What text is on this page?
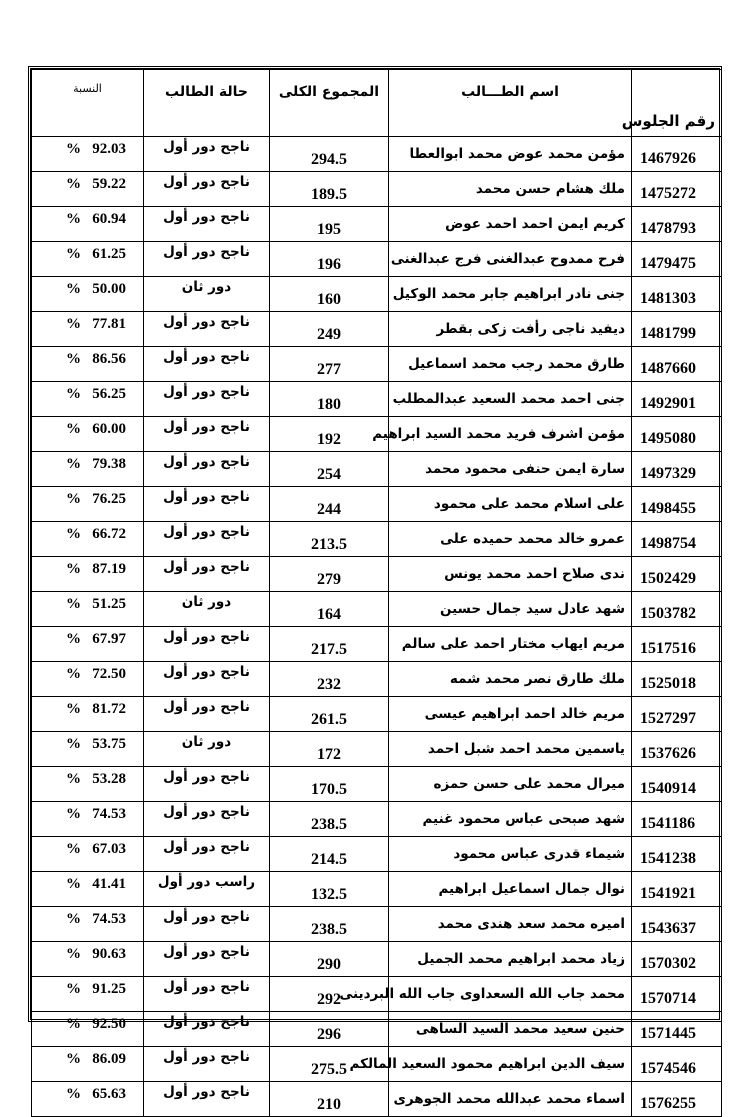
رقم الجلوس	اسم الطـــالب	المجموع الكلى	حالة الطالب	النسبة
1467926	مؤمن محمد عوض محمد ابوالعطا	294.5	ناجح دور أول	% 92.03
1475272	ملك هشام حسن محمد	189.5	ناجح دور أول	% 59.22
1478793	كريم ايمن احمد احمد عوض	195	ناجح دور أول	% 60.94
1479475	فرح ممدوح عبدالغنى فرج عبدالغنى	196	ناجح دور أول	% 61.25
1481303	جنى نادر ابراهيم جابر محمد الوكيل	160	دور ثان	% 50.00
1481799	ديفيد ناجى رأفت زكى بقطر	249	ناجح دور أول	% 77.81
1487660	طارق محمد رجب محمد اسماعيل	277	ناجح دور أول	% 86.56
1492901	جنى احمد محمد السعيد عبدالمطلب	180	ناجح دور أول	% 56.25
1495080	مؤمن اشرف فريد محمد السيد ابراهيم	192	ناجح دور أول	% 60.00
1497329	سارة ايمن حنفى محمود محمد	254	ناجح دور أول	% 79.38
1498455	على اسلام محمد على محمود	244	ناجح دور أول	% 76.25
1498754	عمرو خالد محمد حميده على	213.5	ناجح دور أول	% 66.72
1502429	ندى صلاح احمد محمد يونس	279	ناجح دور أول	% 87.19
1503782	شهد عادل سيد جمال حسين	164	دور ثان	% 51.25
1517516	مريم ايهاب مختار احمد على سالم	217.5	ناجح دور أول	% 67.97
1525018	ملك طارق نصر محمد شمه	232	ناجح دور أول	% 72.50
1527297	مريم خالد احمد ابراهيم عيسى	261.5	ناجح دور أول	% 81.72
1537626	ياسمين محمد احمد شبل احمد	172	دور ثان	% 53.75
1540914	ميرال محمد على حسن حمزه	170.5	ناجح دور أول	% 53.28
1541186	شهد صبحى عباس محمود غنيم	238.5	ناجح دور أول	% 74.53
1541238	شيماء قدرى عباس محمود	214.5	ناجح دور أول	% 67.03
1541921	نوال جمال اسماعيل ابراهيم	132.5	راسب دور أول	% 41.41
1543637	اميره محمد سعد هندى محمد	238.5	ناجح دور أول	% 74.53
1570302	زياد محمد ابراهيم محمد الجميل	290	ناجح دور أول	% 90.63
1570714	محمد جاب الله السعداوى جاب الله البردينى	292	ناجح دور أول	% 91.25
1571445	حنين سعيد محمد السيد الساهى	296	ناجح دور أول	% 92.50
1574546	سيف الدين ابراهيم محمود السعيد المالكم	275.5	ناجح دور أول	% 86.09
1576255	اسماء محمد عبدالله محمد الجوهرى	210	ناجح دور أول	% 65.63
